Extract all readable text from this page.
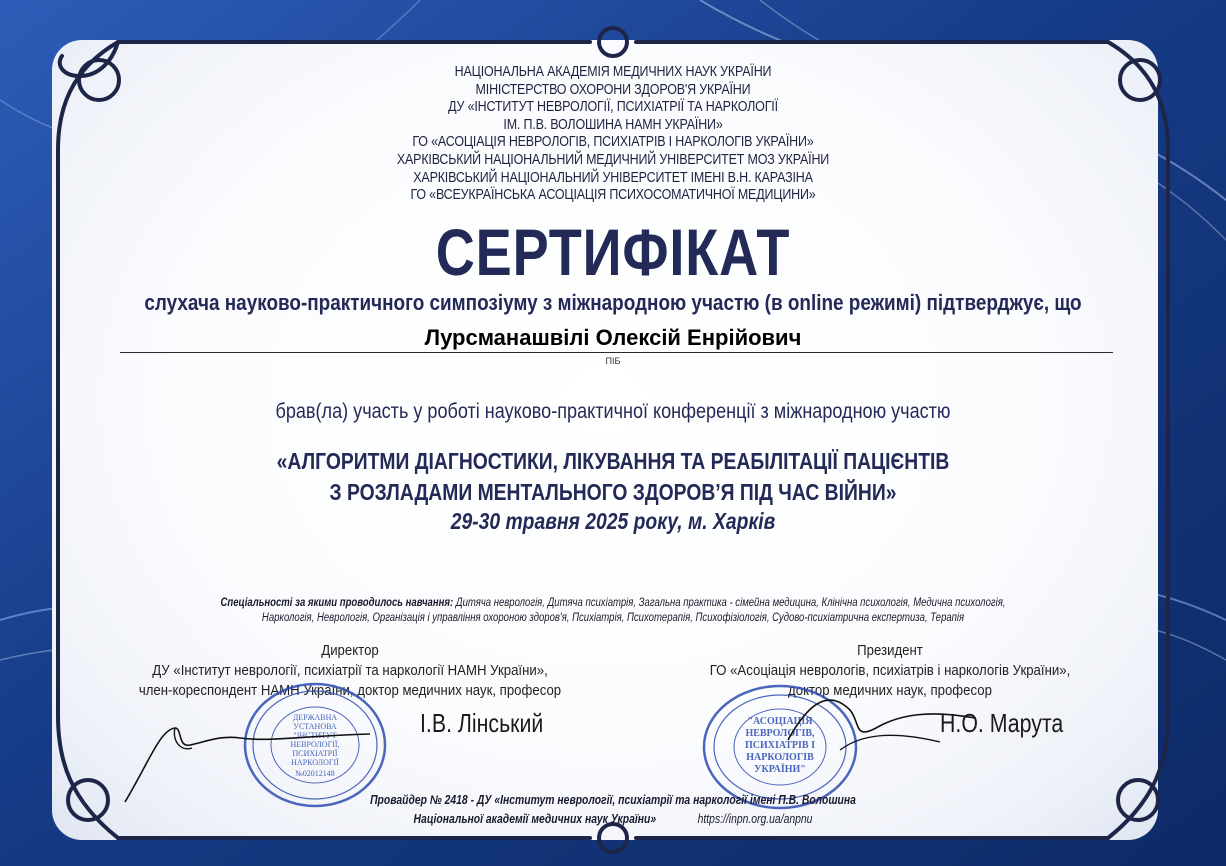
НАЦІОНАЛЬНА АКАДЕМІЯ МЕДИЧНИХ НАУК УКРАЇНИ
МІНІСТЕРСТВО ОХОРОНИ ЗДОРОВ'Я УКРАЇНИ
ДУ «ІНСТИТУТ НЕВРОЛОГІЇ, ПСИХІАТРІЇ ТА НАРКОЛОГІЇ
ІМ. П.В. ВОЛОШИНА НАМН УКРАЇНИ»
ГО «АСОЦІАЦІЯ НЕВРОЛОГІВ, ПСИХІАТРІВ І НАРКОЛОГІВ УКРАЇНИ»
ХАРКІВСЬКИЙ НАЦІОНАЛЬНИЙ МЕДИЧНИЙ УНІВЕРСИТЕТ МОЗ УКРАЇНИ
ХАРКІВСЬКИЙ НАЦІОНАЛЬНИЙ УНІВЕРСИТЕТ ІМЕНІ В.Н. КАРАЗІНА
ГО «ВСЕУКРАЇНСЬКА АСОЦІАЦІЯ ПСИХОСОМАТИЧНОЇ МЕДИЦИНИ»
СЕРТИФІКАТ
слухача науково-практичного симпозіуму з міжнародною участю (в online режимі) підтверджує, що
Лурсманашвілі Олексій Енрійович
ПІБ
брав(ла) участь у роботі науково-практичної конференції з міжнародною участю
«АЛГОРИТМИ ДІАГНОСТИКИ, ЛІКУВАННЯ ТА РЕАБІЛІТАЦІЇ ПАЦІЄНТІВ
З РОЗЛАДАМИ МЕНТАЛЬНОГО ЗДОРОВ’Я ПІД ЧАС ВІЙНИ»
29-30 травня 2025 року, м. Харків
Спеціальності за якими проводилось навчання: Дитяча неврологія, Дитяча психіатрія, Загальна практика - сімейна медицина, Клінічна психологія, Медична психологія,
Наркологія, Неврологія, Організація і управління охороною здоров'я, Психіатрія, Психотерапія, Психофізіологія, Судово-психіатрична експертиза, Терапія
Директор
ДУ «Інститут неврології, психіатрії та наркології НАМН України»,
член-кореспондент НАМН України, доктор медичних наук, професор
І.В. Лінський
Президент
ГО «Асоціація неврологів, психіатрів і наркологів України»,
доктор медичних наук, професор
Н.О. Марута
ДЕРЖАВНА
УСТАНОВА
"ІНСТИТУТ
НЕВРОЛОГІЇ,
ПСИХІАТРІЇ
НАРКОЛОГІЇ
№02012148
"АСОЦІАЦІЯ
НЕВРОЛОГІВ,
ПСИХІАТРІВ І
НАРКОЛОГІВ
УКРАЇНИ"
Провайдер № 2418 - ДУ «Інститут неврології, психіатрії та наркології імені П.В. Волошина
Національної академії медичних наук України»	https://inpn.org.ua/anpnu
